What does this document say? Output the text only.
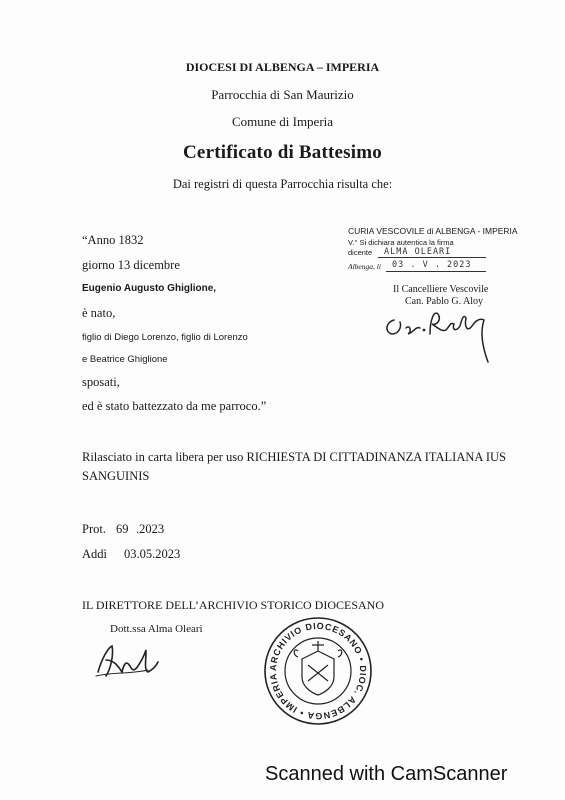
DIOCESI DI ALBENGA – IMPERIA
Parrocchia di San Maurizio
Comune di Imperia
Certificato di Battesimo
Dai registri di questa Parrocchia risulta che:
“Anno 1832
giorno 13 dicembre
Eugenio Augusto Ghiglione,
è nato,
figlio di Diego Lorenzo, figlio di Lorenzo
e Beatrice Ghiglione
sposati,
ed è stato battezzato da me parroco.”
Rilasciato in carta libera per uso RICHIESTA DI CITTADINANZA ITALIANA IUS
SANGUINIS
Prot. 69 .2023
Addì 03.05.2023
IL DIRETTORE DELL’ARCHIVIO STORICO DIOCESANO
Dott.ssa Alma Oleari
CURIA VESCOVILE di ALBENGA - IMPERIA
V.° Si dichiara autentica la firma
dicente ALMA OLEARI
Albenga, li 03 . V . 2023
Il Cancelliere Vescovile
Can. Pablo G. Aloy
ARCHIVIO DIOCESANO • DIOC. ALBENGA • IMPERIA
Scanned with CamScanner
